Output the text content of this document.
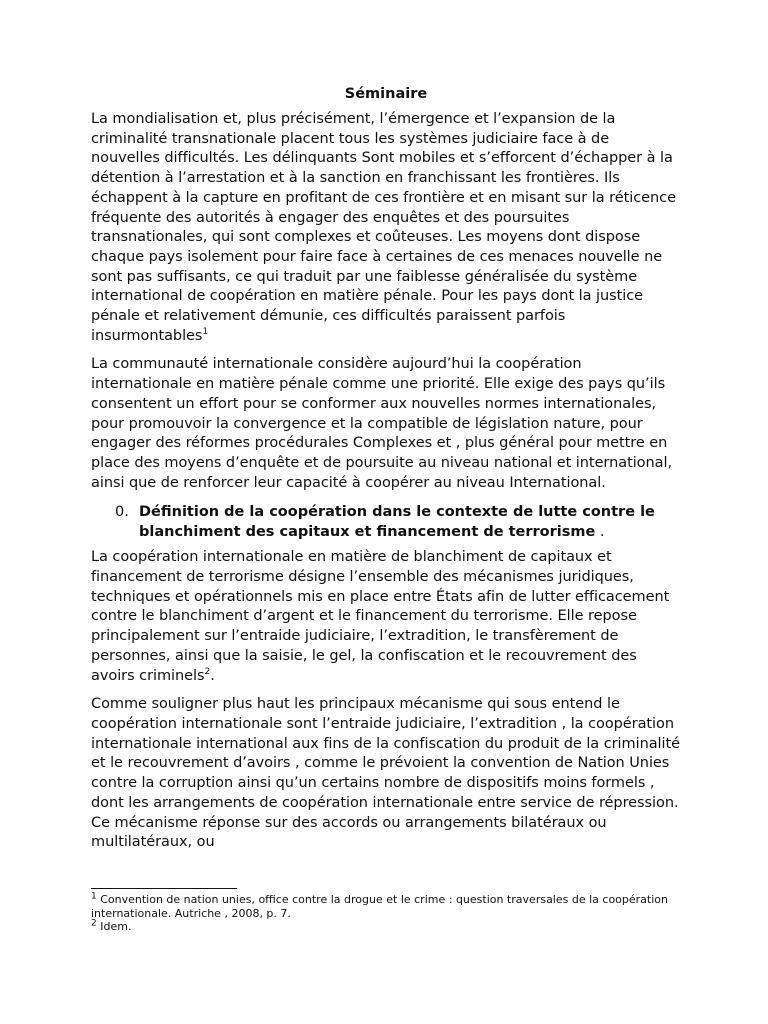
Séminaire

La mondialisation et, plus précisément, l’émergence et l’expansion de la criminalité transnationale placent tous les systèmes judiciaire face à de nouvelles difficultés. Les délinquants Sont mobiles et s’efforcent d’échapper à la détention à l’arrestation et à la sanction en franchissant les frontières. Ils échappent à la capture en profitant de ces frontière et en misant sur la réticence fréquente des autorités à engager des enquêtes et des poursuites transnationales, qui sont complexes et coûteuses. Les moyens dont dispose chaque pays isolement pour faire face à certaines de ces menaces nouvelle ne sont pas suffisants, ce qui traduit par une faiblesse généralisée du système international de coopération en matière pénale. Pour les pays dont la justice pénale et relativement démunie, ces difficultés paraissent parfois insurmontables$^1$

La communauté internationale considère aujourd’hui la coopération internationale en matière pénale comme une priorité. Elle exige des pays qu’ils consentent un effort pour se conformer aux nouvelles normes internationales, pour promouvoir la convergence et la compatible de législation nature, pour engager des réformes procédurales Complexes et , plus général pour mettre en place des moyens d’enquête et de poursuite au niveau national et international, ainsi que de renforcer leur capacité à coopérer au niveau International.

0. Définition de la coopération dans le contexte de lutte contre le blanchiment des capitaux et financement de terrorisme .

La coopération internationale en matière de blanchiment de capitaux et financement de terrorisme désigne l’ensemble des mécanismes juridiques, techniques et opérationnels mis en place entre États afin de lutter efficacement contre le blanchiment d’argent et le financement du terrorisme. Elle repose principalement sur l’entraide judiciaire, l’extradition, le transfèrement de personnes, ainsi que la saisie, le gel, la confiscation et le recouvrement des avoirs criminels$^2$.

Comme souligner plus haut les principaux mécanisme qui sous entend le coopération internationale sont l’entraide judiciaire, l’extradition , la coopération internationale international aux fins de la confiscation du produit de la criminalité et le recouvrement d’avoirs , comme le prévoient la convention de Nation Unies contre la corruption ainsi qu’un certains nombre de dispositifs moins formels , dont les arrangements de coopération internationale entre service de répression. Ce mécanisme réponse sur des accords ou arrangements bilatéraux ou multilatéraux, ou

$^1$ Convention de nation unies, office contre la drogue et le crime : question traversales de la coopération internationale. Autriche , 2008, p. 7.

$^2$ Idem.
